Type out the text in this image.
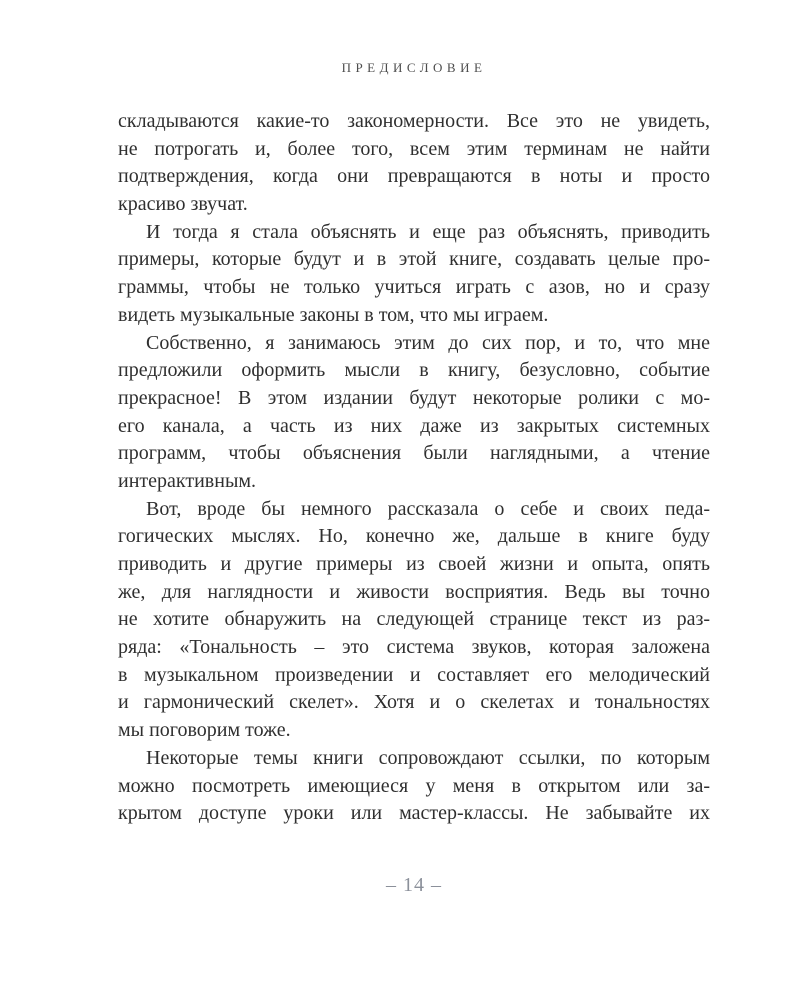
ПРЕДИСЛОВИЕ
складываются какие-то закономерности. Все это не увидеть,
не потрогать и, более того, всем этим терминам не найти
подтверждения, когда они превращаются в ноты и просто
красиво звучат.
И тогда я стала объяснять и еще раз объяснять, приводить
примеры, которые будут и в этой книге, создавать целые про-
граммы, чтобы не только учиться играть с азов, но и сразу
видеть музыкальные законы в том, что мы играем.
Собственно, я занимаюсь этим до сих пор, и то, что мне
предложили оформить мысли в книгу, безусловно, событие
прекрасное! В этом издании будут некоторые ролики с мо-
его канала, а часть из них даже из закрытых системных
программ, чтобы объяснения были наглядными, а чтение
интерактивным.
Вот, вроде бы немного рассказала о себе и своих педа-
гогических мыслях. Но, конечно же, дальше в книге буду
приводить и другие примеры из своей жизни и опыта, опять
же, для наглядности и живости восприятия. Ведь вы точно
не хотите обнаружить на следующей странице текст из раз-
ряда: «Тональность – это система звуков, которая заложена
в музыкальном произведении и составляет его мелодический
и гармонический скелет». Хотя и о скелетах и тональностях
мы поговорим тоже.
Некоторые темы книги сопровождают ссылки, по которым
можно посмотреть имеющиеся у меня в открытом или за-
крытом доступе уроки или мастер-классы. Не забывайте их
– 14 –
